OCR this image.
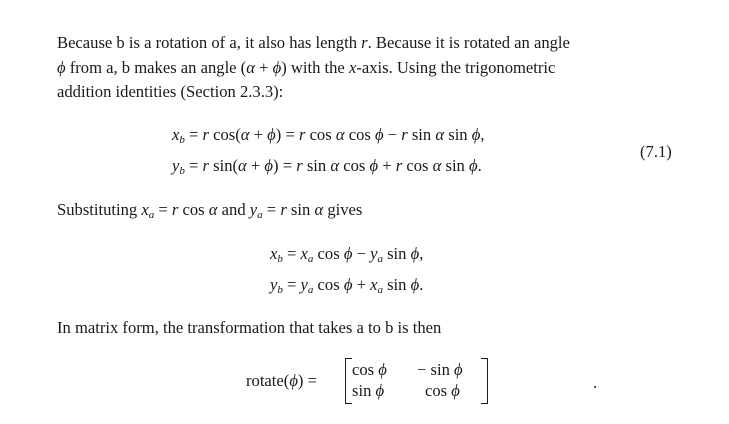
Because b is a rotation of a, it also has length r. Because it is rotated an angle
ϕ from a, b makes an angle (α + ϕ) with the x-axis. Using the trigonometric
addition identities (Section 2.3.3):

$x_b = r$ cos(α + ϕ) = r cos α cos ϕ − r sin α sin ϕ,
$y_b = r$ sin(α + ϕ) = r sin α cos ϕ + r cos α sin ϕ.
(7.1)

Substituting $x_a = r$ cos α and $y_a = r$ sin α gives

$x_b = x_a$ $\cos \phi - y_a$ sin ϕ,
$y_b = y_a$ $\cos \phi + x_a$ sin ϕ.

In matrix form, the transformation that takes a to b is then

rotate(ϕ) =
cos ϕ − sin ϕ
sin ϕ cos ϕ	.
